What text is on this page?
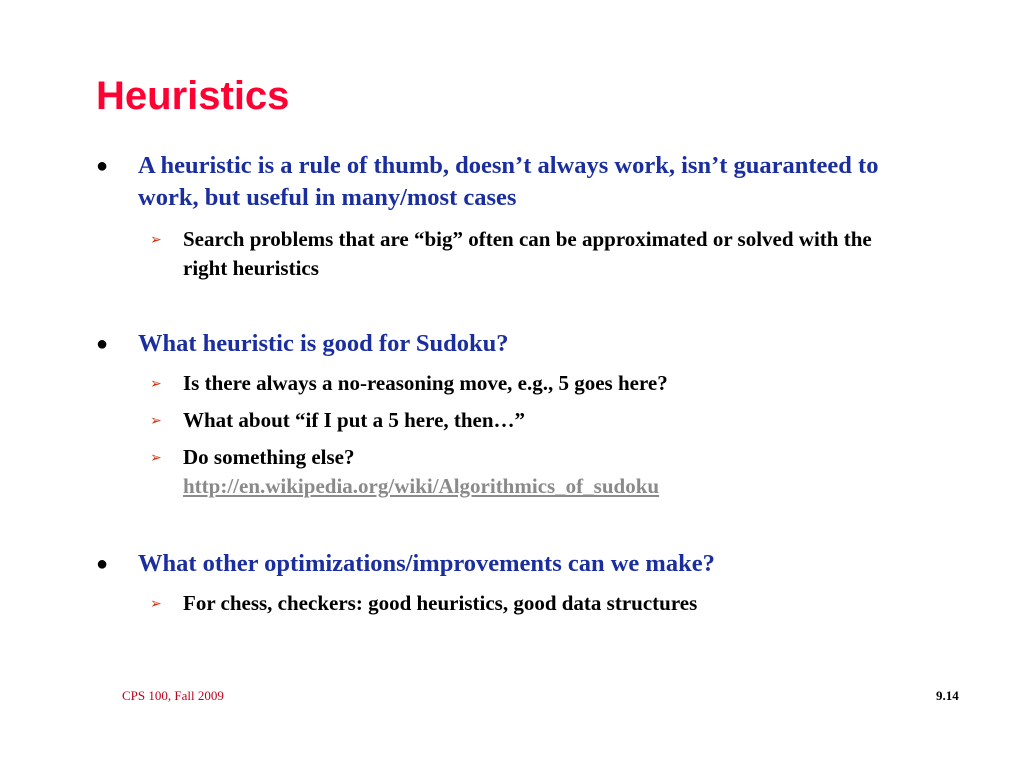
Heuristics
● A heuristic is a rule of thumb, doesn’t always work, isn’t guaranteed to work, but useful in many/most cases
➢ Search problems that are “big” often can be approximated or solved with the right heuristics
● What heuristic is good for Sudoku?
➢ Is there always a no-reasoning move, e.g., 5 goes here?
➢ What about “if I put a 5 here, then…”
➢ Do something else?
http://en.wikipedia.org/wiki/Algorithmics_of_sudoku
● What other optimizations/improvements can we make?
➢ For chess, checkers: good heuristics, good data structures
CPS 100, Fall 2009	9.14
